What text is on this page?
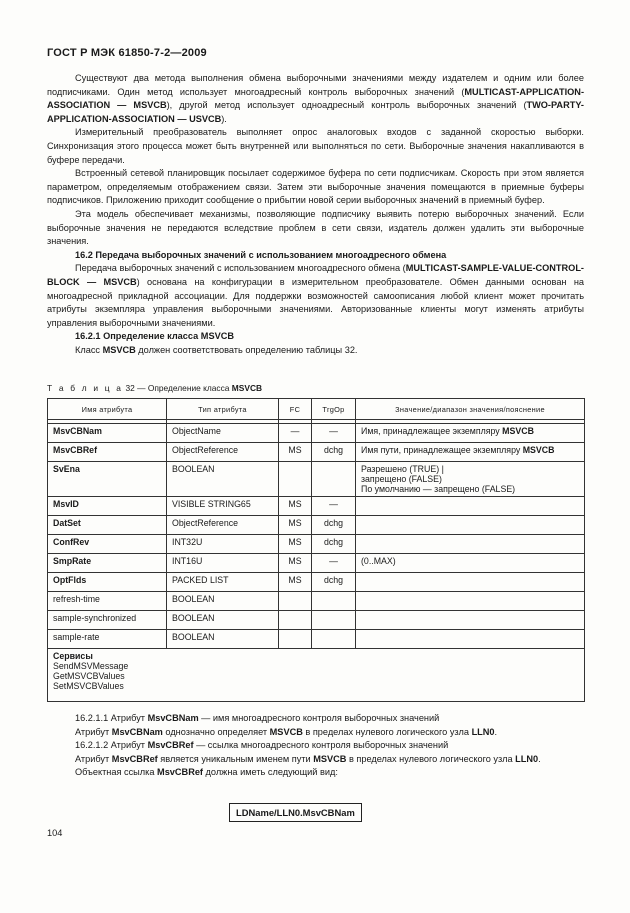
ГОСТ Р МЭК 61850-7-2—2009

Существуют два метода выполнения обмена выборочными значениями между издателем и одним или более подписчиками. Один метод использует многоадресный контроль выборочных значений (MULTICAST-APPLICATION-ASSOCIATION — MSVCB), другой метод использует одноадресный контроль выборочных значений (TWO-PARTY-APPLICATION-ASSOCIATION — USVCB).

Измерительный преобразователь выполняет опрос аналоговых входов с заданной скоростью выборки. Синхронизация этого процесса может быть внутренней или выполняться по сети. Выборочные значения накапливаются в буфере передачи.

Встроенный сетевой планировщик посылает содержимое буфера по сети подписчикам. Скорость при этом является параметром, определяемым отображением связи. Затем эти выборочные значения помещаются в приемные буферы подписчиков. Приложению приходит сообщение о прибытии новой серии выборочных значений в приемный буфер.

Эта модель обеспечивает механизмы, позволяющие подписчику выявить потерю выборочных значений. Если выборочные значения не передаются вследствие проблем в сети связи, издатель должен удалить эти выборочные значения.

16.2 Передача выборочных значений с использованием многоадресного обмена

Передача выборочных значений с использованием многоадресного обмена (MULTICAST-SAMPLE-VALUE-CONTROL-BLOCK — MSVCB) основана на конфигурации в измерительном преобразователе. Обмен данными основан на многоадресной прикладной ассоциации. Для поддержки возможностей самоописания любой клиент может прочитать атрибуты экземпляра управления выборочными значениями. Авторизованные клиенты могут изменять атрибуты управления выборочными значениями.

16.2.1 Определение класса MSVCB

Класс MSVCB должен соответствовать определению таблицы 32.

Т а б л и ц а 32 — Определение класса MSVCB
Имя атрибута	Тип атрибута	FC	TrgOp	Значение/диапазон значения/пояснение

MsvCBNam	ObjectName	—	—	Имя, принадлежащее экземпляру MSVCB
MsvCBRef	ObjectReference	MS	dchg	Имя пути, принадлежащее экземпляру MSVCB
SvEna	BOOLEAN			Разрешено (TRUE) |
запрещено (FALSE)
По умолчанию — запрещено (FALSE)
MsvID	VISIBLE STRING65	MS	—	
DatSet	ObjectReference	MS	dchg	
ConfRev	INT32U	MS	dchg	
SmpRate	INT16U	MS	—	(0..MAX)
OptFlds	PACKED LIST	MS	dchg	
refresh-time	BOOLEAN			
sample-synchronized	BOOLEAN			
sample-rate	BOOLEAN			

Сервисы
SendMSVMessage
GetMSVCBValues
SetMSVCBValues				

16.2.1.1 Атрибут MsvCBNam — имя многоадресного контроля выборочных значений

Атрибут MsvCBNam однозначно определяет MSVCB в пределах нулевого логического узла LLN0.

16.2.1.2 Атрибут MsvCBRef — ссылка многоадресного контроля выборочных значений

Атрибут MsvCBRef является уникальным именем пути MSVCB в пределах нулевого логического узла LLN0.

Объектная ссылка MsvCBRef должна иметь следующий вид:

LDName/LLN0.MsvCBNam
104
